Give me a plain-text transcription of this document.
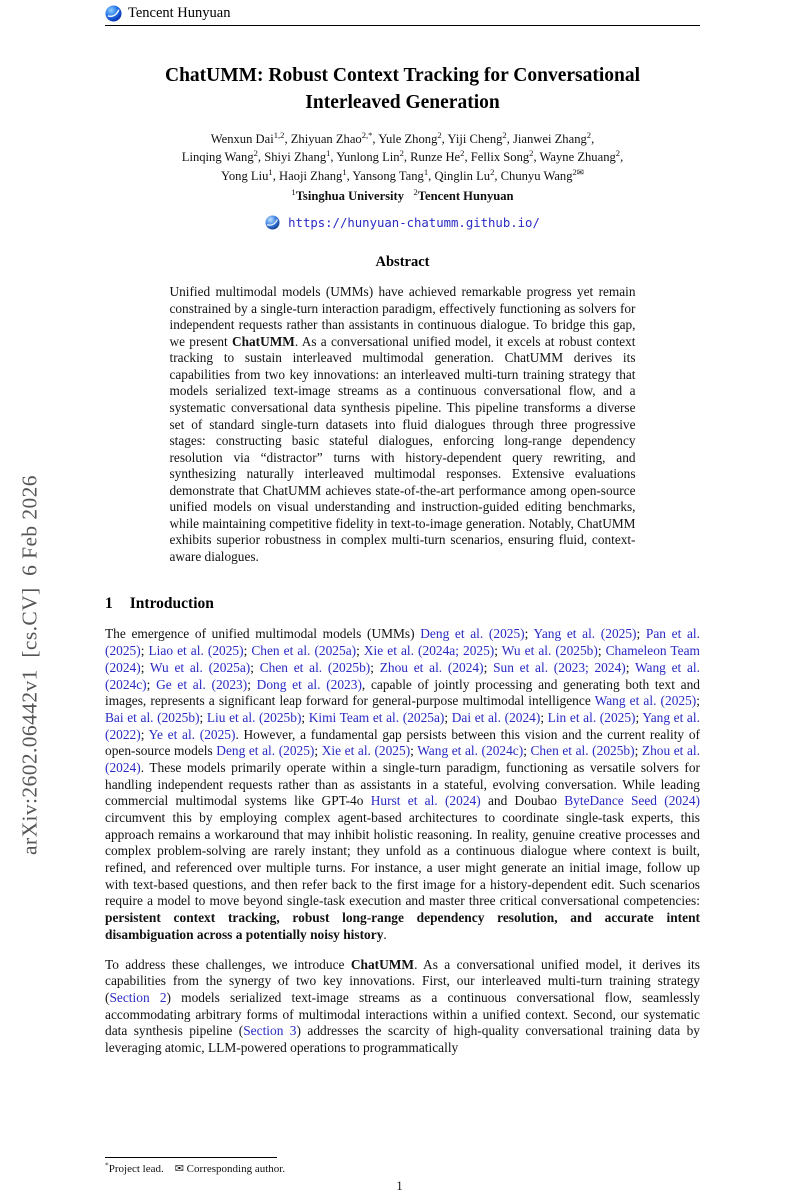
arXiv:2602.06442v1  [cs.CV]  6 Feb 2026
Tencent Hunyuan
ChatUMM: Robust Context Tracking for Conversational
Interleaved Generation
Wenxun Dai$^{1,2}$, Zhiyuan Zhao$^{2,*}$, Yule Zhong$^2$, Yiji Cheng$^2$, Jianwei Zhang$^2$,
Linqing Wang$^2$, Shiyi Zhang$^1$, Yunlong Lin$^2$, Runze He$^2$, Fellix Song$^2$, Wayne Zhuang$^2$,
Yong Liu$^1$, Haoji Zhang$^1$, Yansong Tang$^1$, Qinglin Lu$^2$, Chunyu Wang$^{2✉}$
$^1$Tsinghua University $^2$Tencent Hunyuan
https://hunyuan-chatumm.github.io/
Abstract
Unified multimodal models (UMMs) have achieved remarkable progress yet remain constrained by a single-turn interaction paradigm, effectively functioning as solvers for independent requests rather than assistants in continuous dialogue. To bridge this gap, we present ChatUMM. As a conversational unified model, it excels at robust context tracking to sustain interleaved multimodal generation. ChatUMM derives its capabilities from two key innovations: an interleaved multi-turn training strategy that models serialized text-image streams as a continuous conversational flow, and a systematic conversational data synthesis pipeline. This pipeline transforms a diverse set of standard single-turn datasets into fluid dialogues through three progressive stages: constructing basic stateful dialogues, enforcing long-range dependency resolution via “distractor” turns with history-dependent query rewriting, and synthesizing naturally interleaved multimodal responses. Extensive evaluations demonstrate that ChatUMM achieves state-of-the-art performance among open-source unified models on visual understanding and instruction-guided editing benchmarks, while maintaining competitive fidelity in text-to-image generation. Notably, ChatUMM exhibits superior robustness in complex multi-turn scenarios, ensuring fluid, context-aware dialogues.
1 Introduction
The emergence of unified multimodal models (UMMs) Deng et al. (2025); Yang et al. (2025); Pan et al. (2025); Liao et al. (2025); Chen et al. (2025a); Xie et al. (2024a; 2025); Wu et al. (2025b); Chameleon Team (2024); Wu et al. (2025a); Chen et al. (2025b); Zhou et al. (2024); Sun et al. (2023; 2024); Wang et al. (2024c); Ge et al. (2023); Dong et al. (2023), capable of jointly processing and generating both text and images, represents a significant leap forward for general-purpose multimodal intelligence Wang et al. (2025); Bai et al. (2025b); Liu et al. (2025b); Kimi Team et al. (2025a); Dai et al. (2024); Lin et al. (2025); Yang et al. (2022); Ye et al. (2025). However, a fundamental gap persists between this vision and the current reality of open-source models Deng et al. (2025); Xie et al. (2025); Wang et al. (2024c); Chen et al. (2025b); Zhou et al. (2024). These models primarily operate within a single-turn paradigm, functioning as versatile solvers for handling independent requests rather than as assistants in a stateful, evolving conversation. While leading commercial multimodal systems like GPT-4o Hurst et al. (2024) and Doubao ByteDance Seed (2024) circumvent this by employing complex agent-based architectures to coordinate single-task experts, this approach remains a workaround that may inhibit holistic reasoning. In reality, genuine creative processes and complex problem-solving are rarely instant; they unfold as a continuous dialogue where context is built, refined, and referenced over multiple turns. For instance, a user might generate an initial image, follow up with text-based questions, and then refer back to the first image for a history-dependent edit. Such scenarios require a model to move beyond single-task execution and master three critical conversational competencies: persistent context tracking, robust long-range dependency resolution, and accurate intent disambiguation across a potentially noisy history.
To address these challenges, we introduce ChatUMM. As a conversational unified model, it derives its capabilities from the synergy of two key innovations. First, our interleaved multi-turn training strategy (Section 2) models serialized text-image streams as a continuous conversational flow, seamlessly accommodating arbitrary forms of multimodal interactions within a unified context. Second, our systematic data synthesis pipeline (Section 3) addresses the scarcity of high-quality conversational training data by leveraging atomic, LLM-powered operations to programmatically
*Project lead.    ✉ Corresponding author.
1
